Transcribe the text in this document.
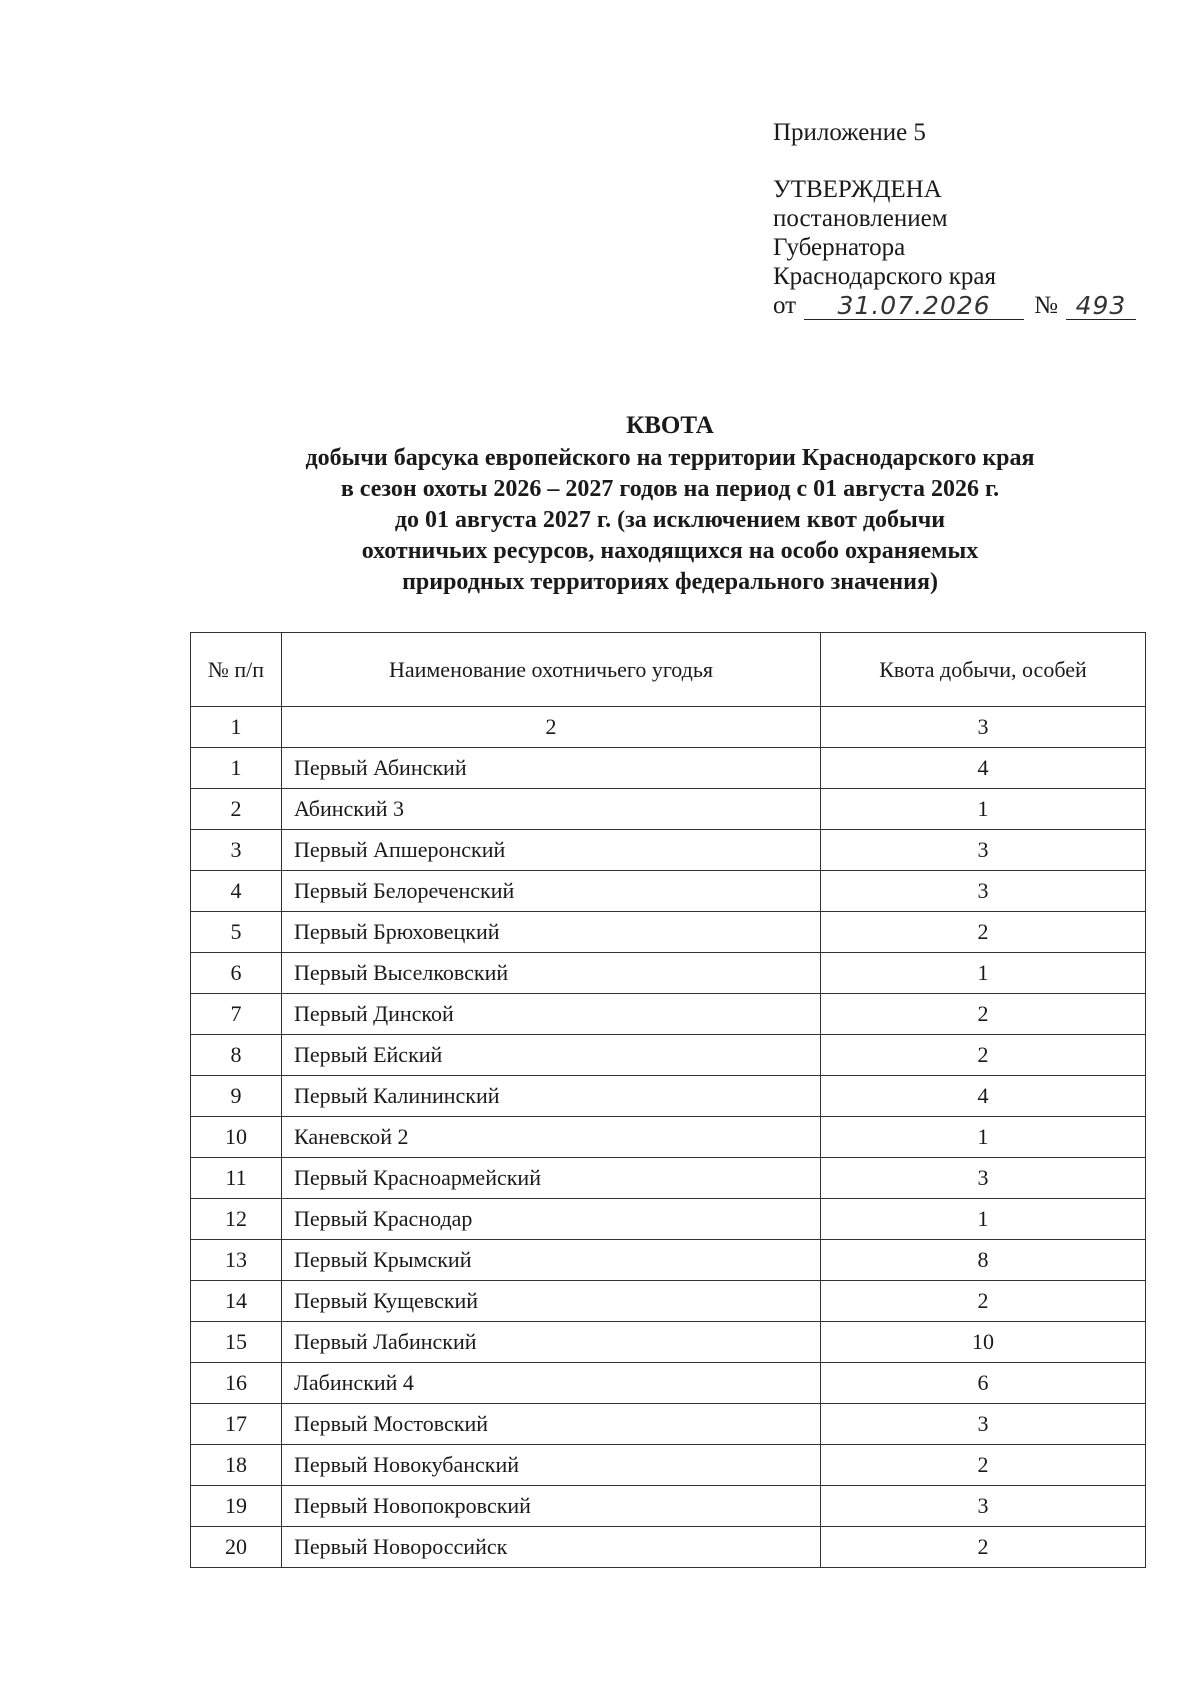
Приложение 5
УТВЕРЖДЕНА
постановлением
Губернатора
Краснодарского края
от	31.07.2026	№ 493
КВОТА
добычи барсука европейского на территории Краснодарского края
в сезон охоты 2026 – 2027 годов на период с 01 августа 2026 г.
до 01 августа 2027 г. (за исключением квот добычи
охотничьих ресурсов, находящихся на особо охраняемых
природных территориях федерального значения)
№ п/п	Наименование охотничьего угодья	Квота добычи, особей
1	2	3
1	Первый Абинский	4
2	Абинский 3	1
3	Первый Апшеронский	3
4	Первый Белореченский	3
5	Первый Брюховецкий	2
6	Первый Выселковский	1
7	Первый Динской	2
8	Первый Ейский	2
9	Первый Калининский	4
10	Каневской 2	1
11	Первый Красноармейский	3
12	Первый Краснодар	1
13	Первый Крымский	8
14	Первый Кущевский	2
15	Первый Лабинский	10
16	Лабинский 4	6
17	Первый Мостовский	3
18	Первый Новокубанский	2
19	Первый Новопокровский	3
20	Первый Новороссийск	2
